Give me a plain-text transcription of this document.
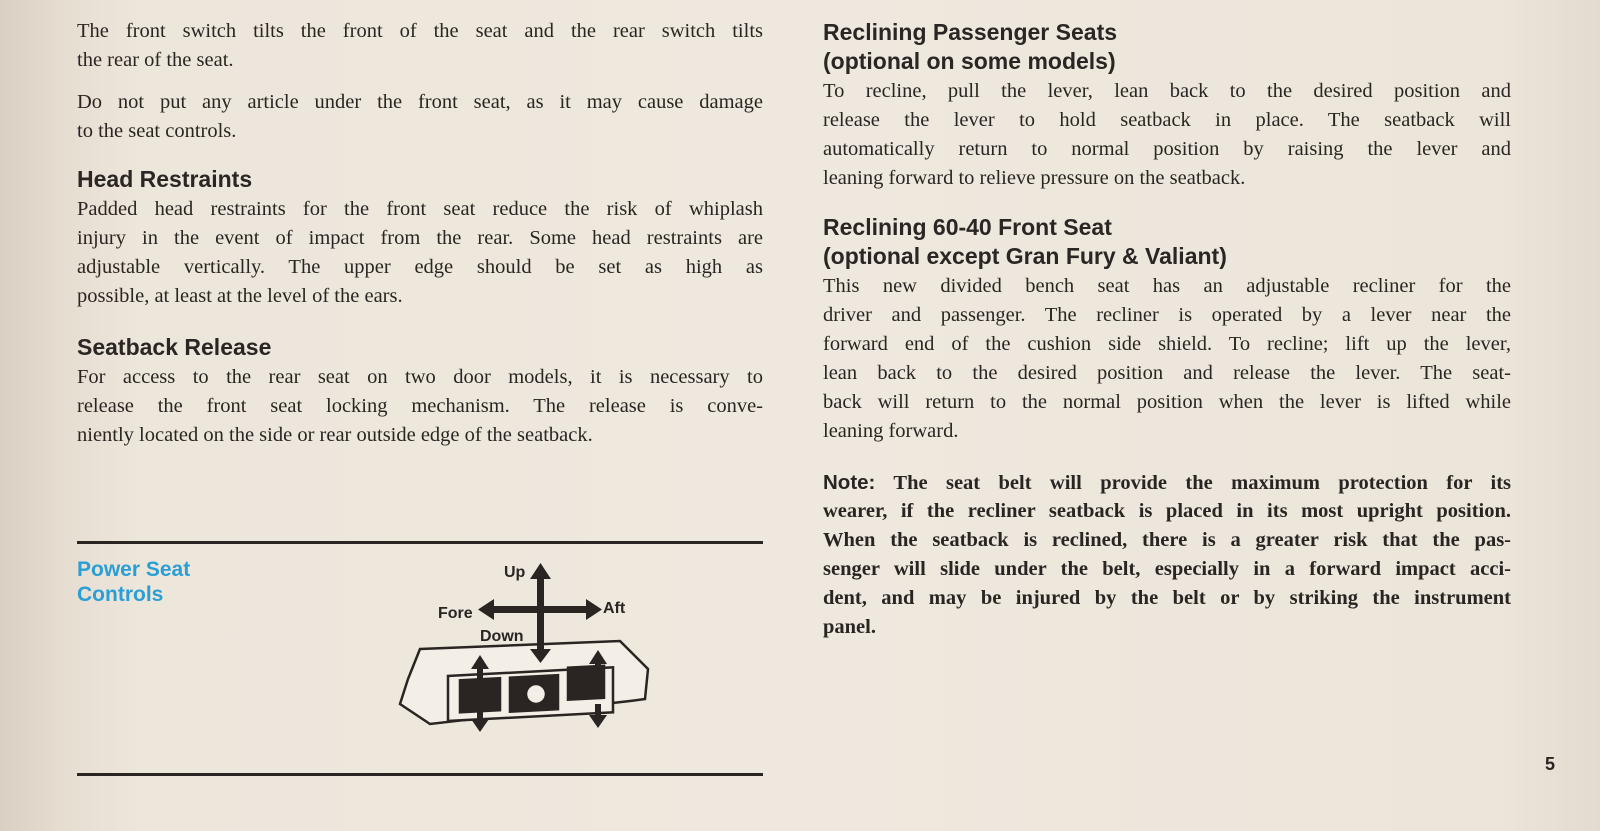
The front switch tilts the front of the seat and the rear switch tilts
the rear of the seat.
Do not put any article under the front seat, as it may cause damage
to the seat controls.
Head Restraints
Padded head restraints for the front seat reduce the risk of whiplash
injury in the event of impact from the rear. Some head restraints are
adjustable vertically. The upper edge should be set as high as
possible, at least at the level of the ears.
Seatback Release
For access to the rear seat on two door models, it is necessary to
release the front seat locking mechanism. The release is conve-
niently located on the side or rear outside edge of the seatback.
Power Seat
Controls
Up
Fore	Aft
Down
Reclining Passenger Seats
(optional on some models)
To recline, pull the lever, lean back to the desired position and
release the lever to hold seatback in place. The seatback will
automatically return to normal position by raising the lever and
leaning forward to relieve pressure on the seatback.
Reclining 60-40 Front Seat
(optional except Gran Fury & Valiant)
This new divided bench seat has an adjustable recliner for the
driver and passenger. The recliner is operated by a lever near the
forward end of the cushion side shield. To recline; lift up the lever,
lean back to the desired position and release the lever. The seat-
back will return to the normal position when the lever is lifted while
leaning forward.
Note: The seat belt will provide the maximum protection for its
wearer, if the recliner seatback is placed in its most upright position.
When the seatback is reclined, there is a greater risk that the pas-
senger will slide under the belt, especially in a forward impact acci-
dent, and may be injured by the belt or by striking the instrument
panel.
5
